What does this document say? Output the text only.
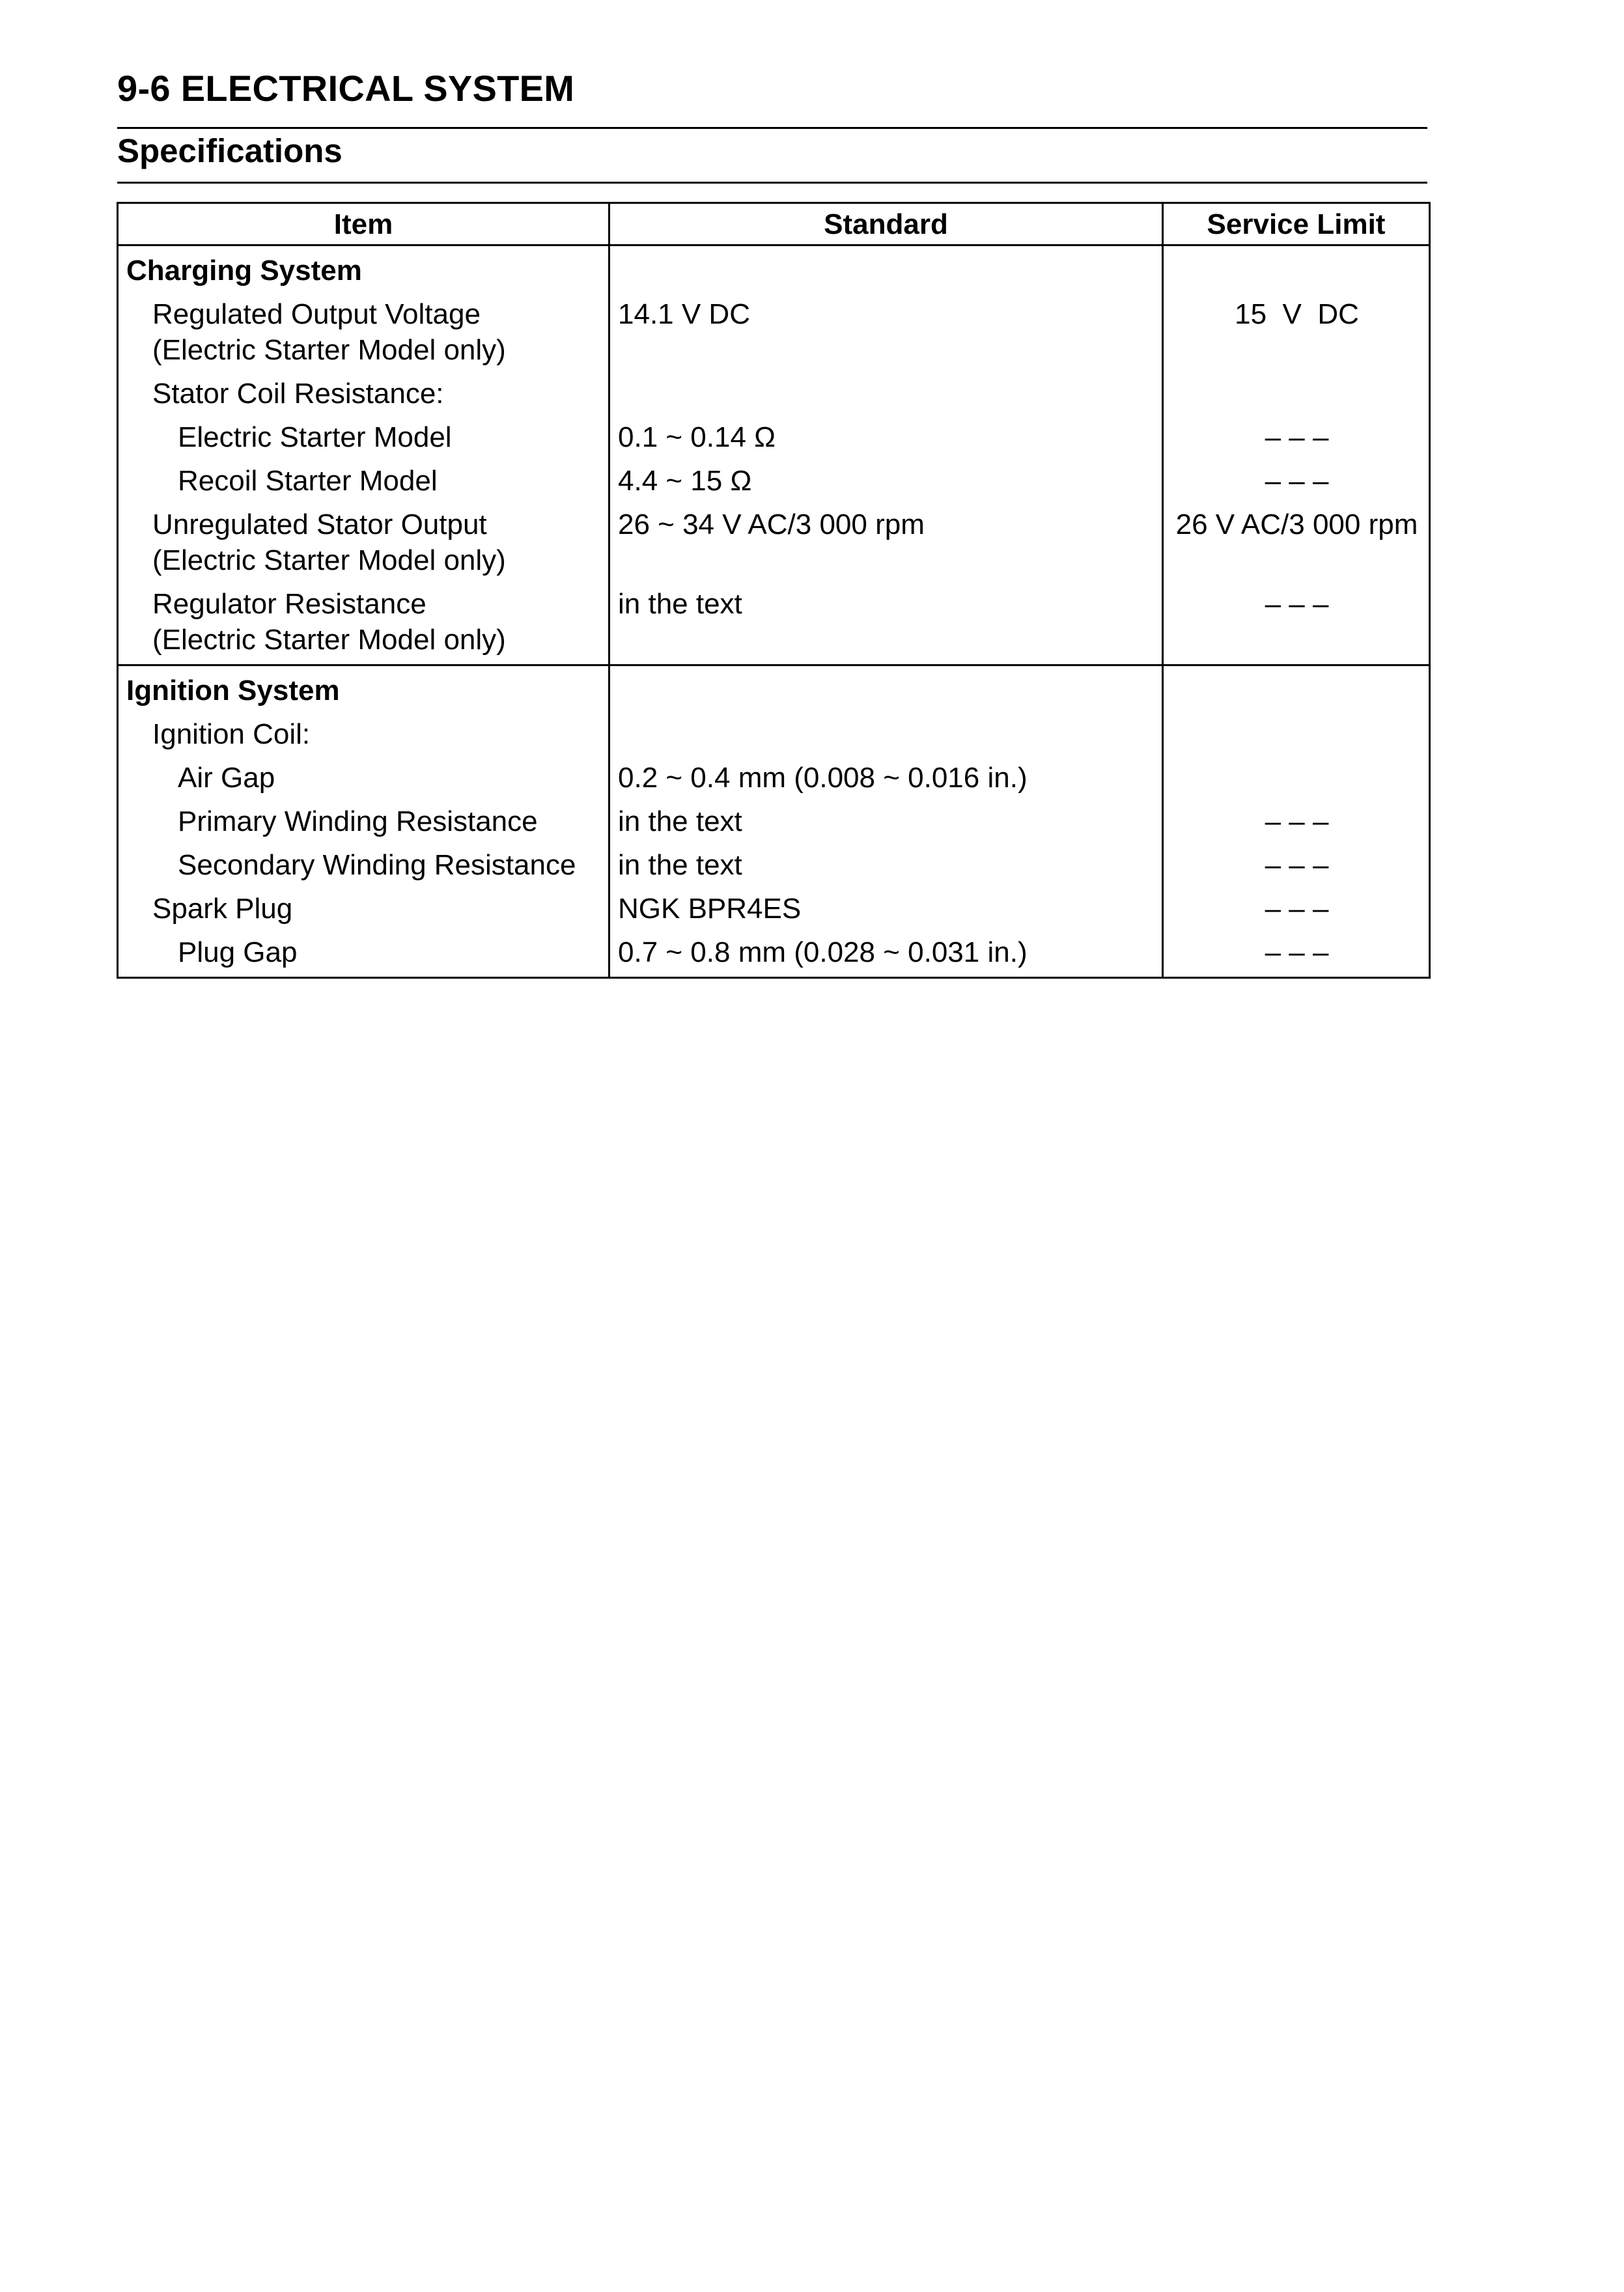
9-6 ELECTRICAL SYSTEM
Specifications
Item	Standard	Service Limit
Charging System		

Regulated Output Voltage
(Electric Starter Model only)	14.1 V DC	15  V  DC
Stator Coil Resistance:		
Electric Starter Model	0.1 ~ 0.14 Ω	– – –
Recoil Starter Model	4.4 ~ 15 Ω	– – –

Unregulated Stator Output
(Electric Starter Model only)	26 ~ 34 V AC/3 000 rpm	26 V AC/3 000 rpm

Regulator Resistance
(Electric Starter Model only)	in the text	– – –
Ignition System		
Ignition Coil:		
Air Gap	0.2 ~ 0.4 mm (0.008 ~ 0.016 in.)	
Primary Winding Resistance	in the text	– – –
Secondary Winding Resistance	in the text	– – –
Spark Plug	NGK BPR4ES	– – –
Plug Gap	0.7 ~ 0.8 mm (0.028 ~ 0.031 in.)	– – –
